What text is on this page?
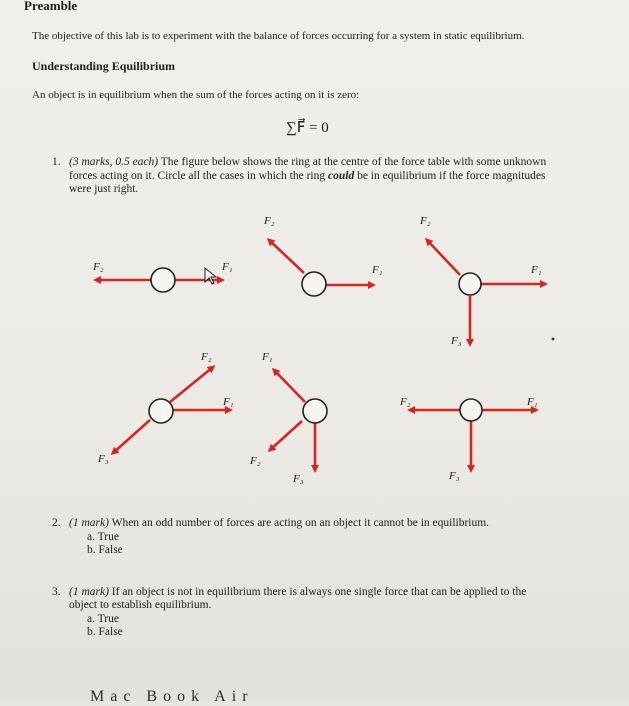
Preamble
The objective of this lab is to experiment with the balance of forces occurring for a system in static equilibrium.
Understanding Equilibrium
An object is in equilibrium when the sum of the forces acting on it is zero:
∑F⃗ = 0
1. (3 marks, 0.5 each) The figure below shows the ring at the centre of the force table with some unknown
forces acting on it. Circle all the cases in which the ring could be in equilibrium if the force magnitudes
were just right.
F₂	F₁
F₂
F₁
F₂
F₁
F₃
F₂
F₁
F₃
F₁
F₂
F₃
F₂	F₁
F₃
2. (1 mark) When an odd number of forces are acting on an object it cannot be in equilibrium.
a. True
b. False
3. (1 mark) If an object is not in equilibrium there is always one single force that can be applied to the
object to establish equilibrium.
a. True
b. False
Mac Book Air
